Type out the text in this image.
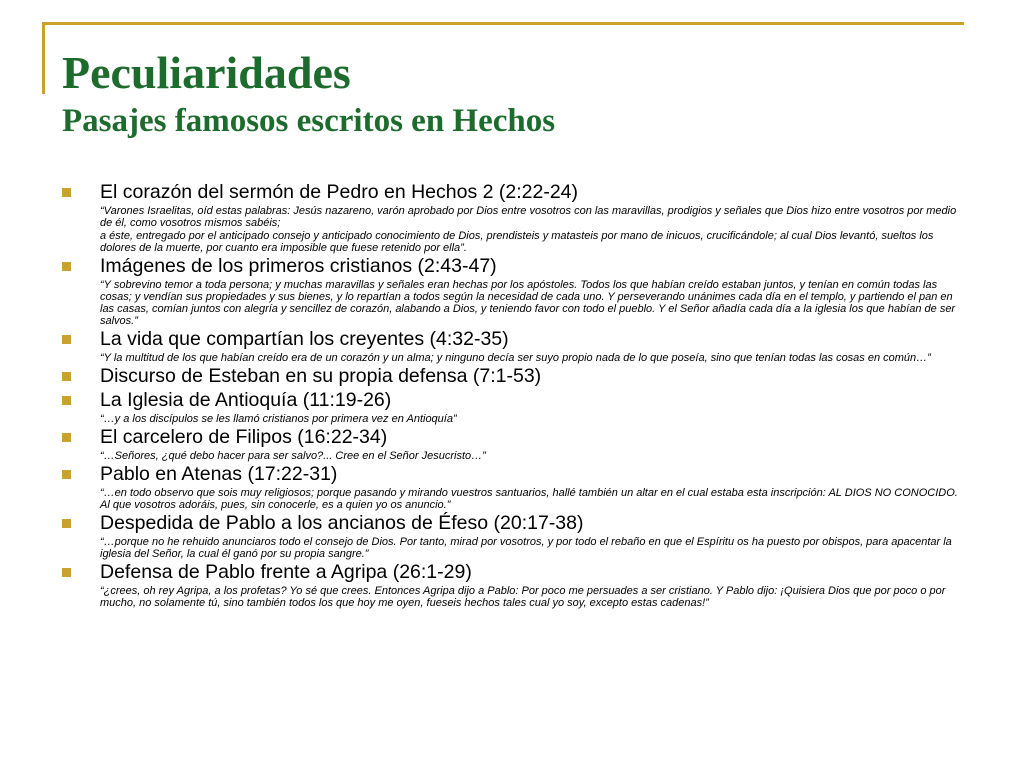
Peculiaridades
Pasajes famosos escritos en Hechos

El corazón del sermón de Pedro en Hechos 2 (2:22-24)

“Varones Israelitas, oíd estas palabras: Jesús nazareno, varón aprobado por Dios entre vosotros con las maravillas, prodigios y señales que Dios hizo entre vosotros por medio de él, como vosotros mismos sabéis;

a éste, entregado por el anticipado consejo y anticipado conocimiento de Dios, prendisteis y matasteis por mano de inicuos, crucificándole; al cual Dios levantó, sueltos los dolores de la muerte, por cuanto era imposible que fuese retenido por ella”.

Imágenes de los primeros cristianos (2:43-47)

“Y sobrevino temor a toda persona; y muchas maravillas y señales eran hechas por los apóstoles. Todos los que habían creído estaban juntos, y tenían en común todas las cosas; y vendían sus propiedades y sus bienes, y lo repartían a todos según la necesidad de cada uno. Y perseverando unánimes cada día en el templo, y partiendo el pan en las casas, comían juntos con alegría y sencillez de corazón, alabando a Dios, y teniendo favor con todo el pueblo. Y el Señor añadía cada día a la iglesia los que habían de ser salvos.”

La vida que compartían los creyentes (4:32-35)

“Y la multitud de los que habían creído era de un corazón y un alma; y ninguno decía ser suyo propio nada de lo que poseía, sino que tenían todas las cosas en común…”

Discurso de Esteban en su propia defensa (7:1-53)

La Iglesia de Antioquía (11:19-26)

“…y a los discípulos se les llamó cristianos por primera vez en Antioquía”

El carcelero de Filipos (16:22-34)

“…Señores, ¿qué debo hacer para ser salvo?... Cree en el Señor Jesucristo…”

Pablo en Atenas (17:22-31)

“…en todo observo que sois muy religiosos; porque pasando y mirando vuestros santuarios, hallé también un altar en el cual estaba esta inscripción: AL DIOS NO CONOCIDO. Al que vosotros adoráis, pues, sin conocerle, es a quien yo os anuncio.”

Despedida de Pablo a los ancianos de Éfeso (20:17-38)

“…porque no he rehuido anunciaros todo el consejo de Dios. Por tanto, mirad por vosotros, y por todo el rebaño en que el Espíritu os ha puesto por obispos, para apacentar la iglesia del Señor, la cual él ganó por su propia sangre.”

Defensa de Pablo frente a Agripa (26:1-29)

“¿crees, oh rey Agripa, a los profetas? Yo sé que crees. Entonces Agripa dijo a Pablo: Por poco me persuades a ser cristiano. Y Pablo dijo: ¡Quisiera Dios que por poco o por mucho, no solamente tú, sino también todos los que hoy me oyen, fueseis hechos tales cual yo soy, excepto estas cadenas!”
